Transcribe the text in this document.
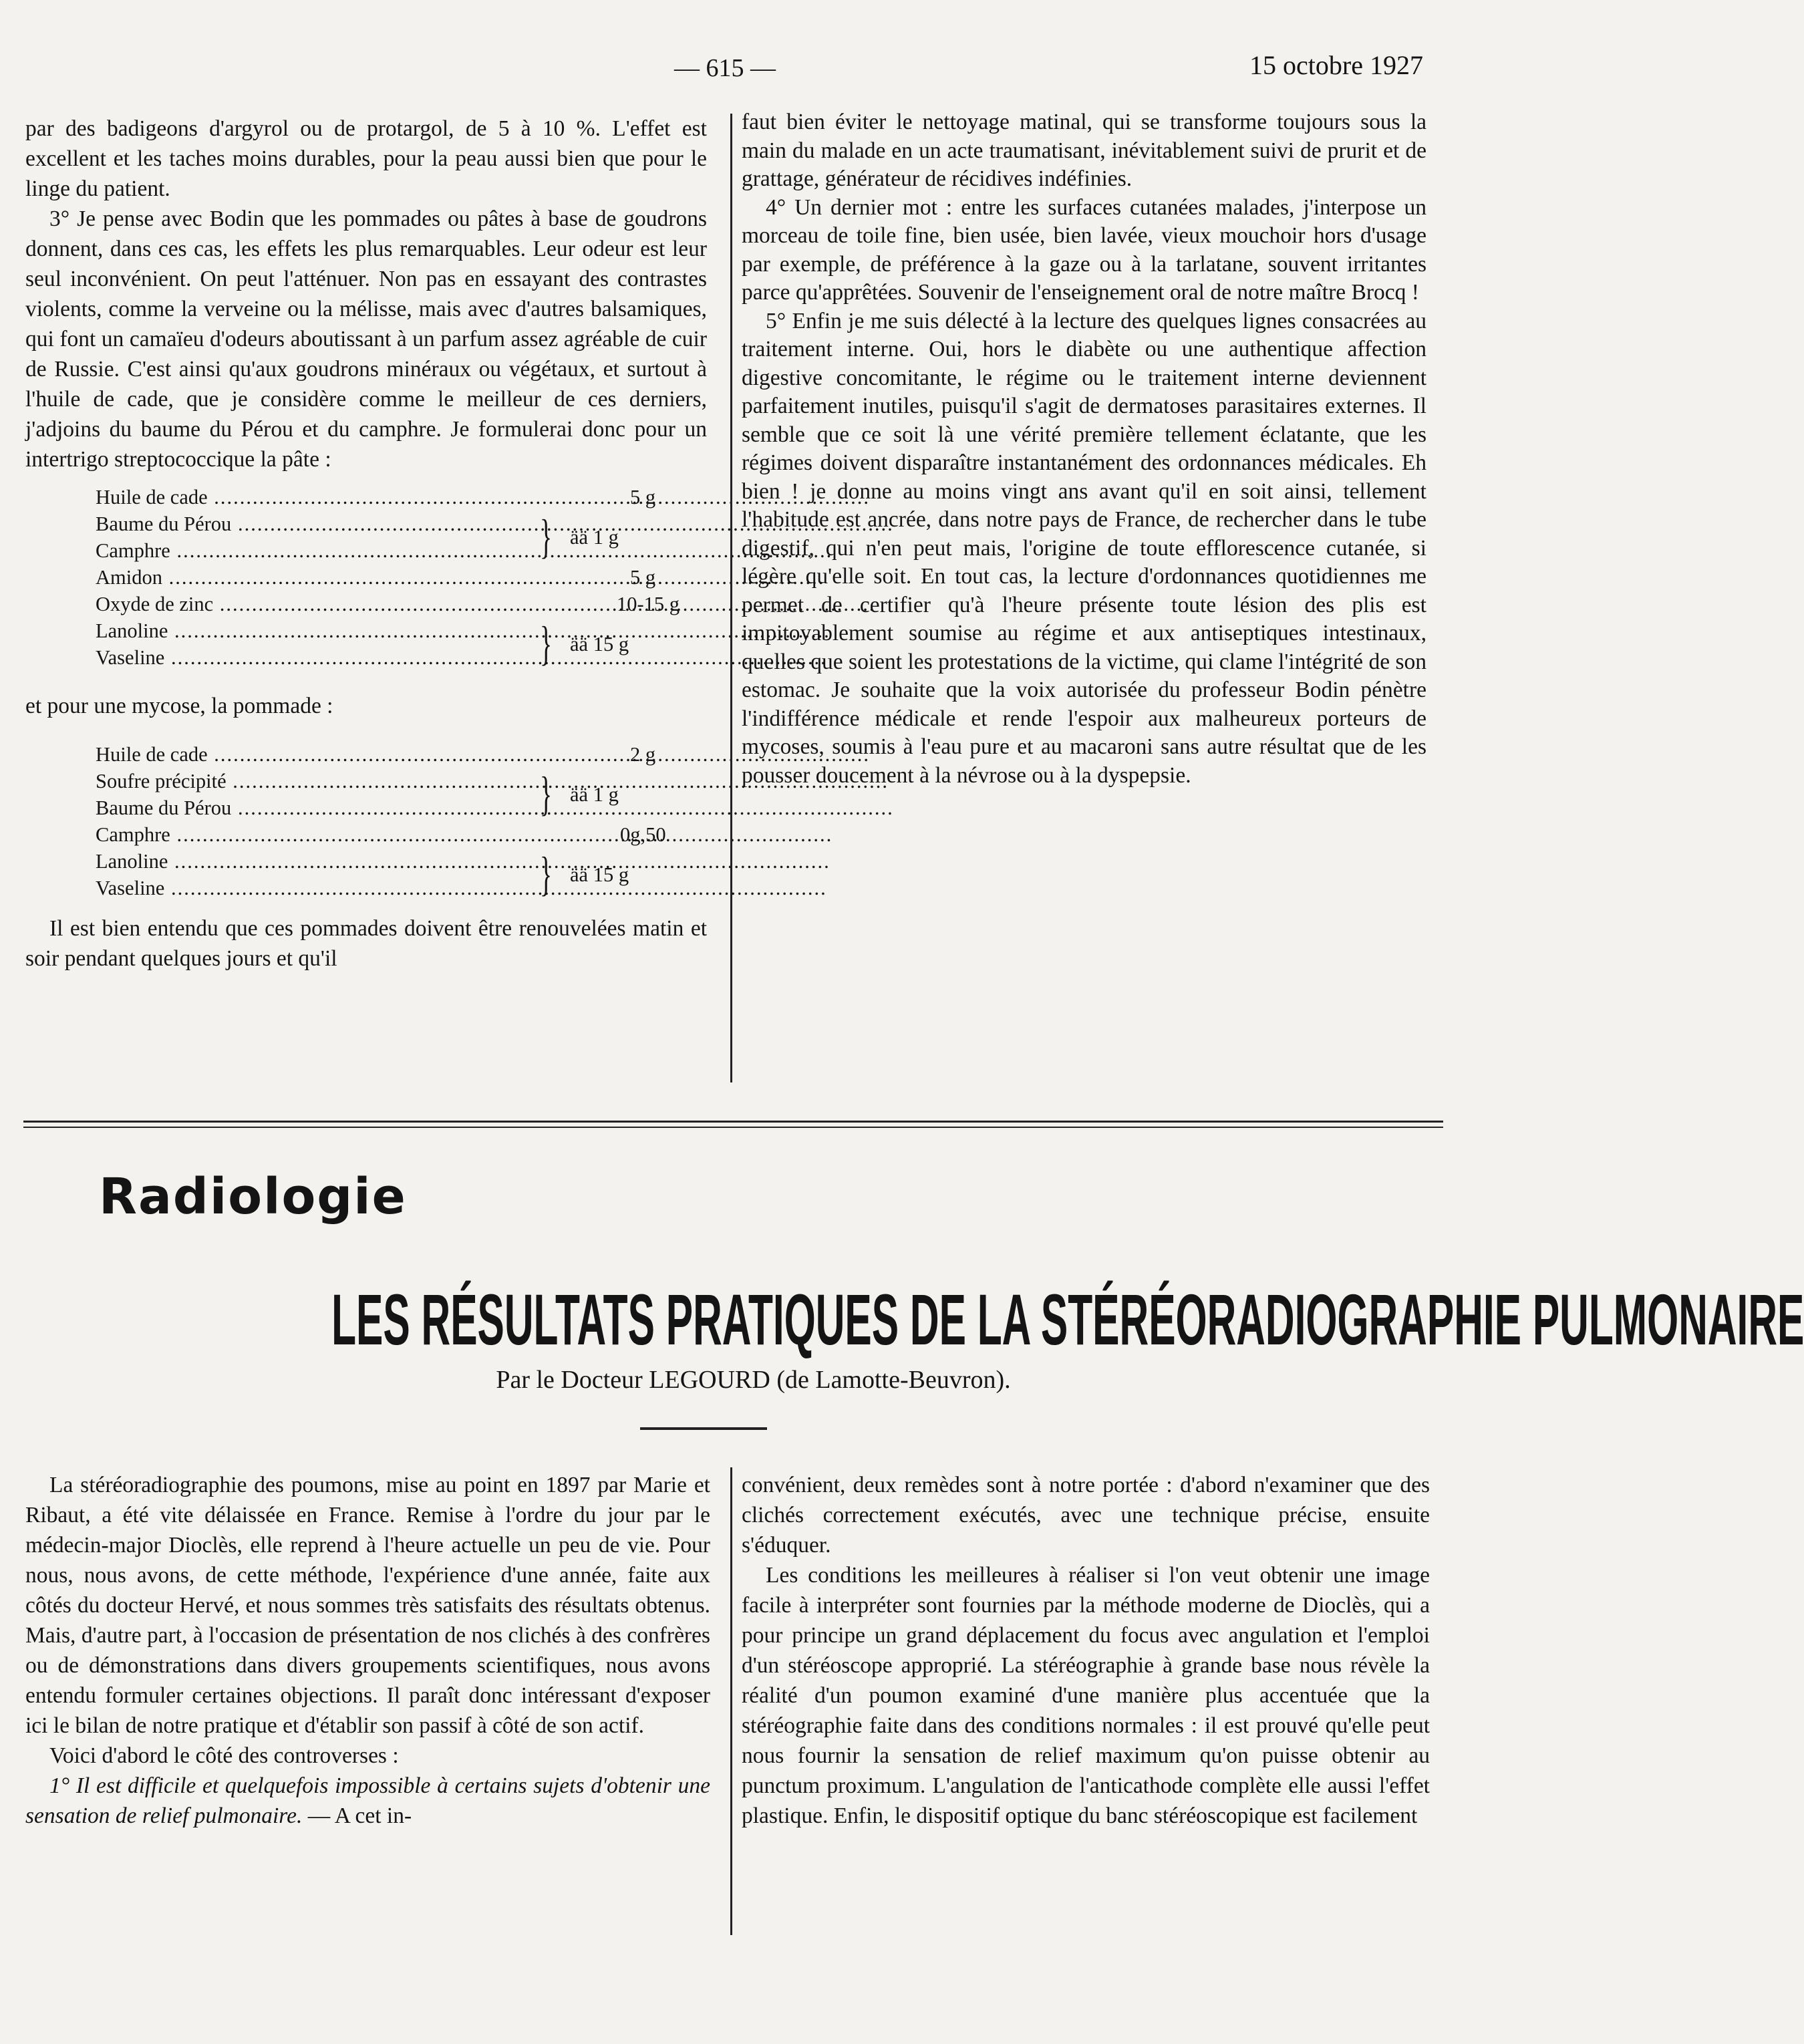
— 615 —	15 octobre 1927

par des badigeons d'argyrol ou de protargol, de 5 à 10 %. L'effet est excellent et les taches moins durables, pour la peau aussi bien que pour le linge du patient.

3° Je pense avec Bodin que les pommades ou pâtes à base de goudrons donnent, dans ces cas, les effets les plus remarquables. Leur odeur est leur seul inconvénient. On peut l'atténuer. Non pas en essayant des contrastes violents, comme la verveine ou la mélisse, mais avec d'autres balsamiques, qui font un camaïeu d'odeurs aboutissant à un parfum assez agréable de cuir de Russie. C'est ainsi qu'aux goudrons minéraux ou végétaux, et surtout à l'huile de cade, que je considère comme le meilleur de ces derniers, j'adjoins du baume du Pérou et du camphre. Je formulerai donc pour un intertrigo streptococcique la pâte :

Huile de cade .....	5 g
Baume du Pérou .....
Camphre .....	} ää 1 g
Amidon .....	5 g
Oxyde de zinc .....	10-15 g
Lanoline .....
Vaseline .....	} ää 15 g

et pour une mycose, la pommade :

Huile de cade .....	2 g
Soufre précipité .....
Baume du Pérou .....	} ää 1 g
Camphre .....	0g,50
Lanoline .....
Vaseline .....	} ää 15 g

Il est bien entendu que ces pommades doivent être renouvelées matin et soir pendant quelques jours et qu'il

faut bien éviter le nettoyage matinal, qui se transforme toujours sous la main du malade en un acte traumatisant, inévitablement suivi de prurit et de grattage, générateur de récidives indéfinies.

4° Un dernier mot : entre les surfaces cutanées malades, j'interpose un morceau de toile fine, bien usée, bien lavée, vieux mouchoir hors d'usage par exemple, de préférence à la gaze ou à la tarlatane, souvent irritantes parce qu'apprêtées. Souvenir de l'enseignement oral de notre maître Brocq !

5° Enfin je me suis délecté à la lecture des quelques lignes consacrées au traitement interne. Oui, hors le diabète ou une authentique affection digestive concomitante, le régime ou le traitement interne deviennent parfaitement inutiles, puisqu'il s'agit de dermatoses parasitaires externes. Il semble que ce soit là une vérité première tellement éclatante, que les régimes doivent disparaître instantanément des ordonnances médicales. Eh bien ! je donne au moins vingt ans avant qu'il en soit ainsi, tellement l'habitude est ancrée, dans notre pays de France, de rechercher dans le tube digestif, qui n'en peut mais, l'origine de toute efflorescence cutanée, si légère qu'elle soit. En tout cas, la lecture d'ordonnances quotidiennes me permet de certifier qu'à l'heure présente toute lésion des plis est impitoyablement soumise au régime et aux antiseptiques intestinaux, quelles que soient les protestations de la victime, qui clame l'intégrité de son estomac. Je souhaite que la voix autorisée du professeur Bodin pénètre l'indifférence médicale et rende l'espoir aux malheureux porteurs de mycoses, soumis à l'eau pure et au macaroni sans autre résultat que de les pousser doucement à la névrose ou à la dyspepsie.

Radiologie
LES RÉSULTATS PRATIQUES DE LA STÉRÉORADIOGRAPHIE PULMONAIRE
Par le Docteur LEGOURD (de Lamotte-Beuvron).

La stéréoradiographie des poumons, mise au point en 1897 par Marie et Ribaut, a été vite délaissée en France. Remise à l'ordre du jour par le médecin-major Dioclès, elle reprend à l'heure actuelle un peu de vie. Pour nous, nous avons, de cette méthode, l'expérience d'une année, faite aux côtés du docteur Hervé, et nous sommes très satisfaits des résultats obtenus. Mais, d'autre part, à l'occasion de présentation de nos clichés à des confrères ou de démonstrations dans divers groupements scientifiques, nous avons entendu formuler certaines objections. Il paraît donc intéressant d'exposer ici le bilan de notre pratique et d'établir son passif à côté de son actif.

Voici d'abord le côté des controverses :

1° Il est difficile et quelquefois impossible à certains sujets d'obtenir une sensation de relief pulmonaire. — A cet in-

convénient, deux remèdes sont à notre portée : d'abord n'examiner que des clichés correctement exécutés, avec une technique précise, ensuite s'éduquer.

Les conditions les meilleures à réaliser si l'on veut obtenir une image facile à interpréter sont fournies par la méthode moderne de Dioclès, qui a pour principe un grand déplacement du focus avec angulation et l'emploi d'un stéréoscope approprié. La stéréographie à grande base nous révèle la réalité d'un poumon examiné d'une manière plus accentuée que la stéréographie faite dans des conditions normales : il est prouvé qu'elle peut nous fournir la sensation de relief maximum qu'on puisse obtenir au punctum proximum. L'angulation de l'anticathode complète elle aussi l'effet plastique. Enfin, le dispositif optique du banc stéréoscopique est facilement
